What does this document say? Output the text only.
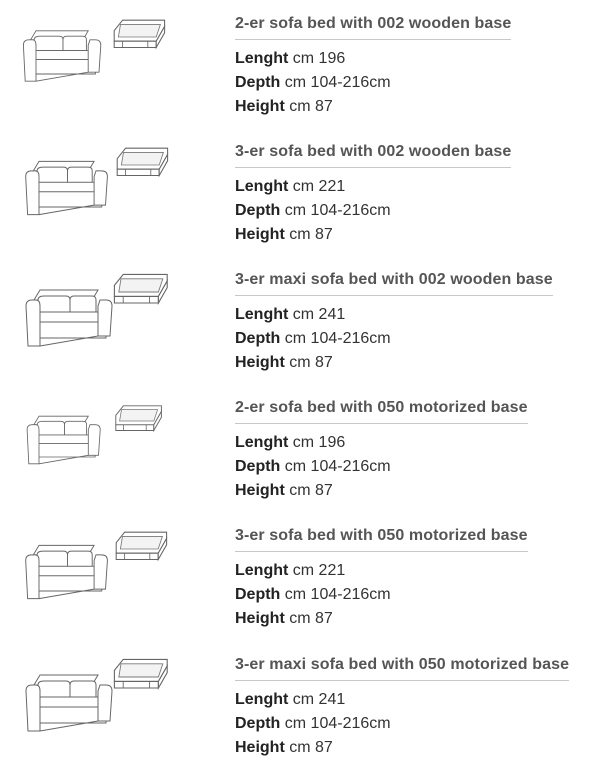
2-er sofa bed with 002 wooden base
Lenght cm 196
Depth cm 104-216cm
Height cm 87
3-er sofa bed with 002 wooden base
Lenght cm 221
Depth cm 104-216cm
Height cm 87
3-er maxi sofa bed with 002 wooden base
Lenght cm 241
Depth cm 104-216cm
Height cm 87
2-er sofa bed with 050 motorized base
Lenght cm 196
Depth cm 104-216cm
Height cm 87
3-er sofa bed with 050 motorized base
Lenght cm 221
Depth cm 104-216cm
Height cm 87
3-er maxi sofa bed with 050 motorized base
Lenght cm 241
Depth cm 104-216cm
Height cm 87
